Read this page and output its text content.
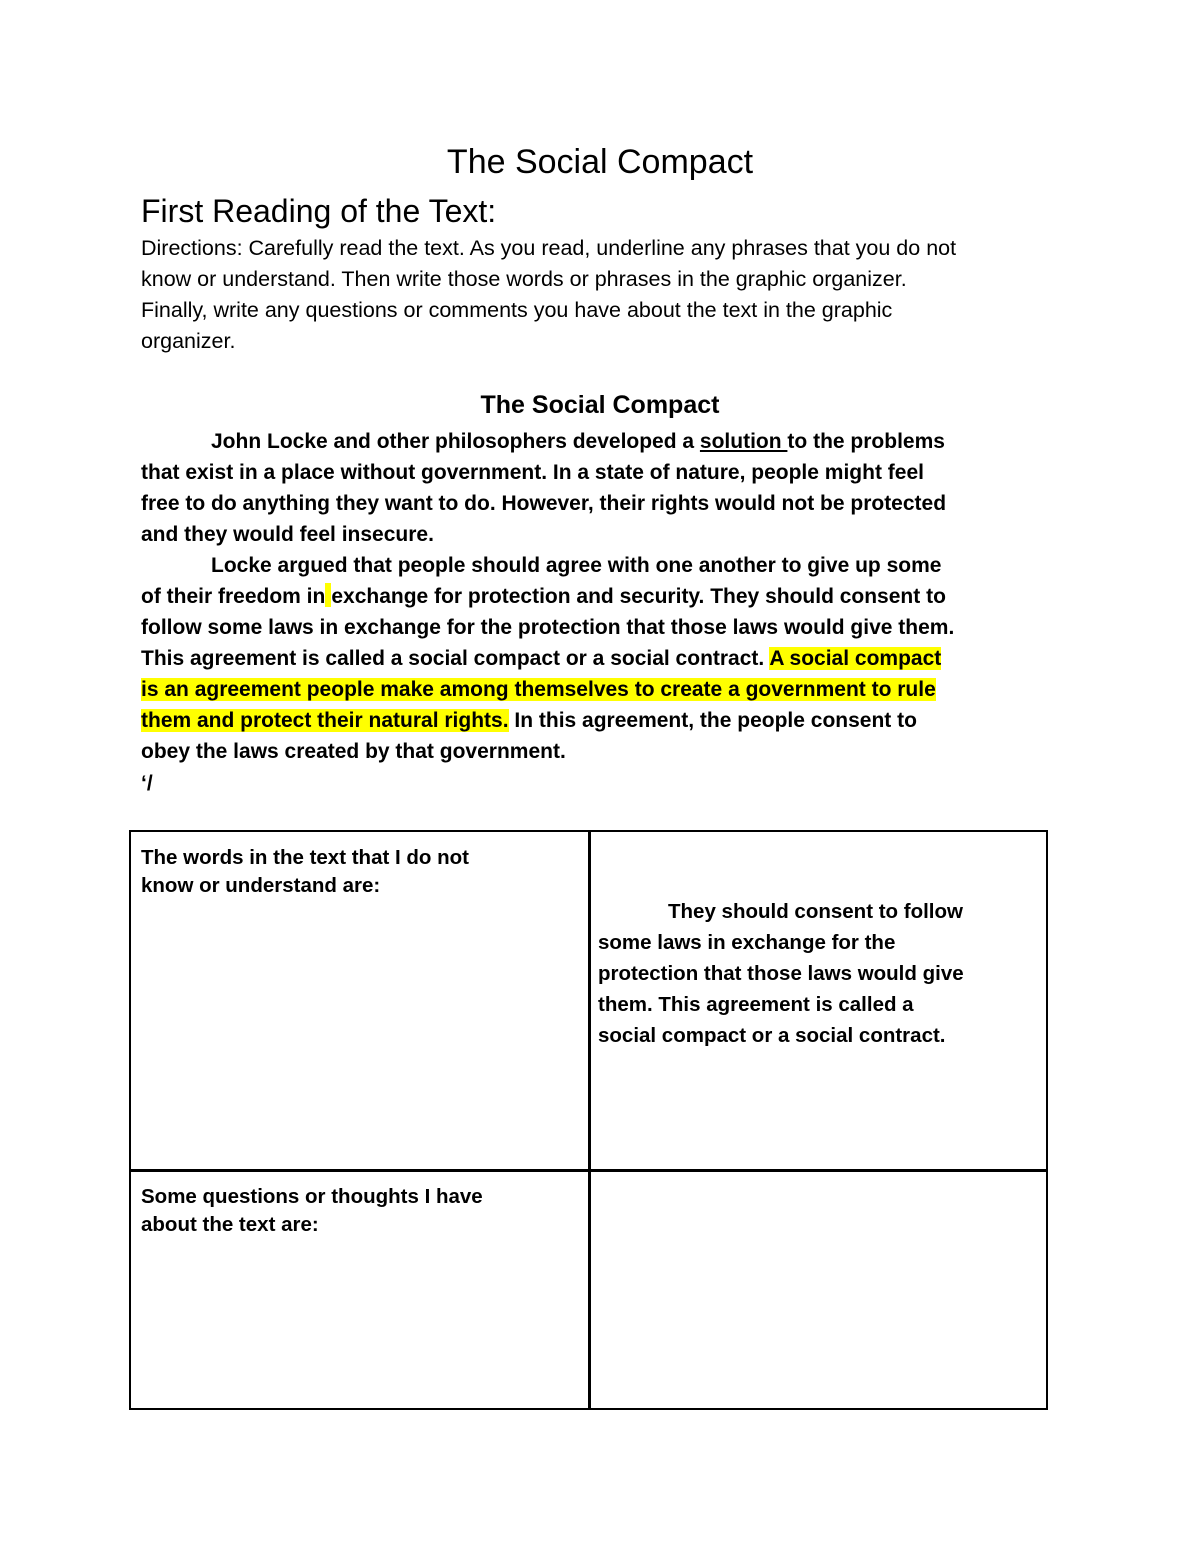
The Social Compact
First Reading of the Text:
Directions: Carefully read the text. As you read, underline any phrases that you do not
know or understand. Then write those words or phrases in the graphic organizer.
Finally, write any questions or comments you have about the text in the graphic
organizer.
The Social Compact
John Locke and other philosophers developed a solution to the problems
that exist in a place without government. In a state of nature, people might feel
free to do anything they want to do. However, their rights would not be protected
and they would feel insecure.
Locke argued that people should agree with one another to give up some
of their freedom in exchange for protection and security. They should consent to
follow some laws in exchange for the protection that those laws would give them.
This agreement is called a social compact or a social contract. A social compact
is an agreement people make among themselves to create a government to rule
them and protect their natural rights. In this agreement, the people consent to
obey the laws created by that government.
‘/
The words in the text that I do not
know or understand are:
They should consent to follow
some laws in exchange for the
protection that those laws would give
them. This agreement is called a
social compact or a social contract.
Some questions or thoughts I have
about the text are:
